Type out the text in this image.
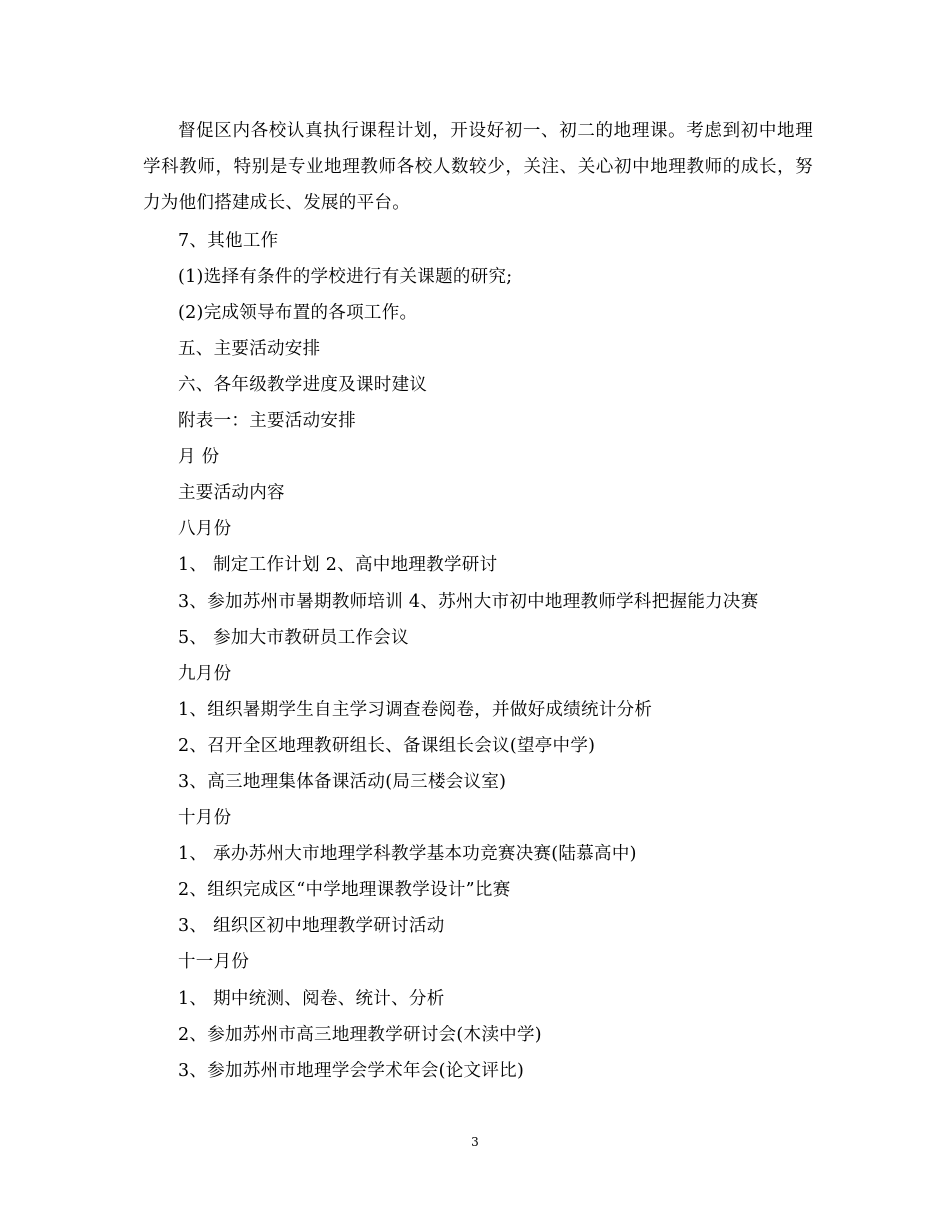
督促区内各校认真执行课程计划，开设好初一、初二的地理课。考虑到初中地理学科教师，特别是专业地理教师各校人数较少，关注、关心初中地理教师的成长，努力为他们搭建成长、发展的平台。
7、其他工作
(1)选择有条件的学校进行有关课题的研究;
(2)完成领导布置的各项工作。
五、主要活动安排
六、各年级教学进度及课时建议
附表一：主要活动安排
月 份
主要活动内容
八月份
1、 制定工作计划 2、高中地理教学研讨
3、参加苏州市暑期教师培训 4、苏州大市初中地理教师学科把握能力决赛
5、 参加大市教研员工作会议
九月份
1、组织暑期学生自主学习调查卷阅卷，并做好成绩统计分析
2、召开全区地理教研组长、备课组长会议(望亭中学)
3、高三地理集体备课活动(局三楼会议室)
十月份
1、 承办苏州大市地理学科教学基本功竞赛决赛(陆慕高中)
2、组织完成区“中学地理课教学设计”比赛
3、 组织区初中地理教学研讨活动
十一月份
1、 期中统测、阅卷、统计、分析
2、参加苏州市高三地理教学研讨会(木渎中学)
3、参加苏州市地理学会学术年会(论文评比)
3
